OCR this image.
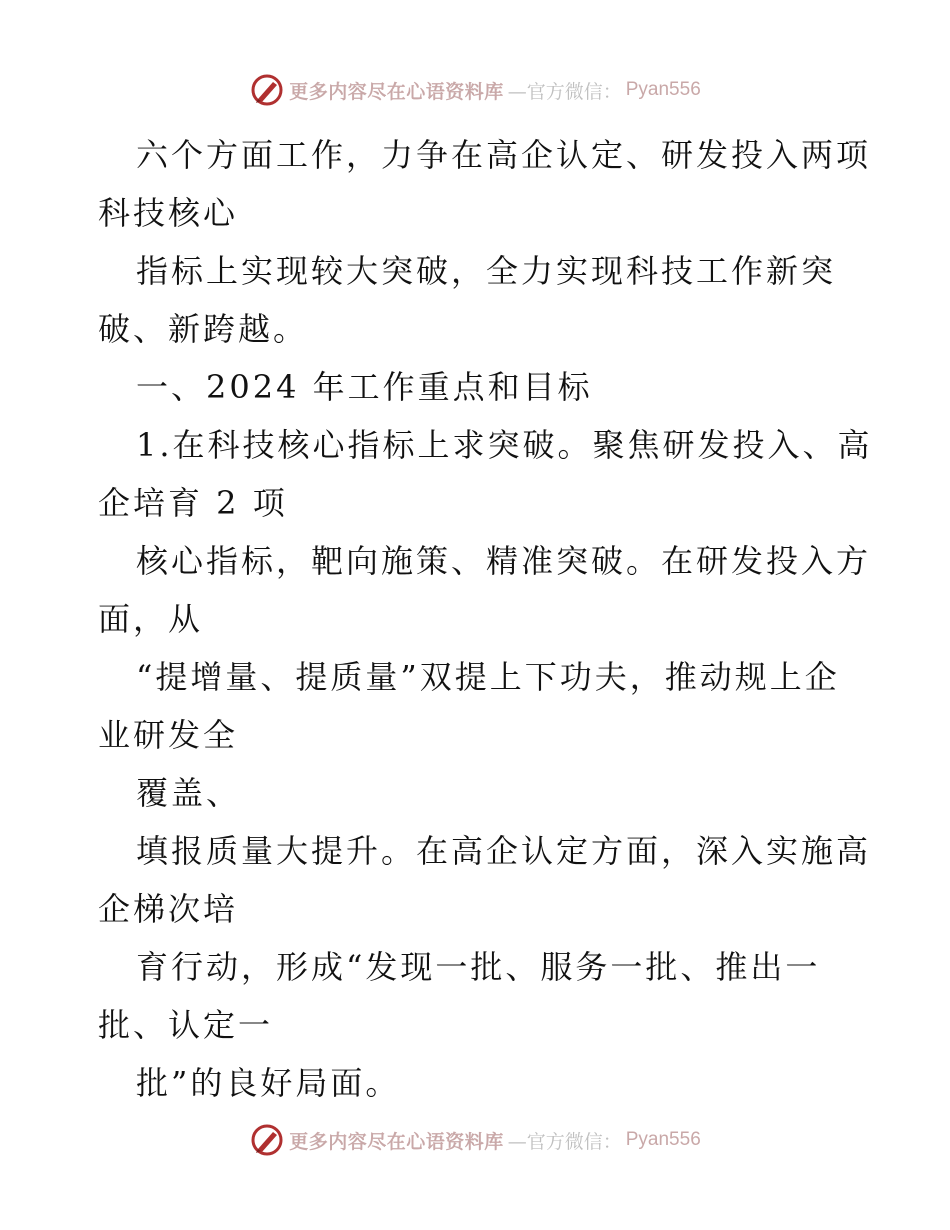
更多内容尽在心语资料库 —官方微信： Pyan556
六个方面工作，力争在高企认定、研发投入两项
科技核心
指标上实现较大突破，全力实现科技工作新突
破、新跨越。
一、2024 年工作重点和目标
1.在科技核心指标上求突破。聚焦研发投入、高
企培育 2 项
核心指标，靶向施策、精准突破。在研发投入方
面，从
“提增量、提质量”双提上下功夫，推动规上企
业研发全
覆盖、
填报质量大提升。在高企认定方面，深入实施高
企梯次培
育行动，形成“发现一批、服务一批、推出一
批、认定一
批”的良好局面。
更多内容尽在心语资料库 —官方微信： Pyan556
